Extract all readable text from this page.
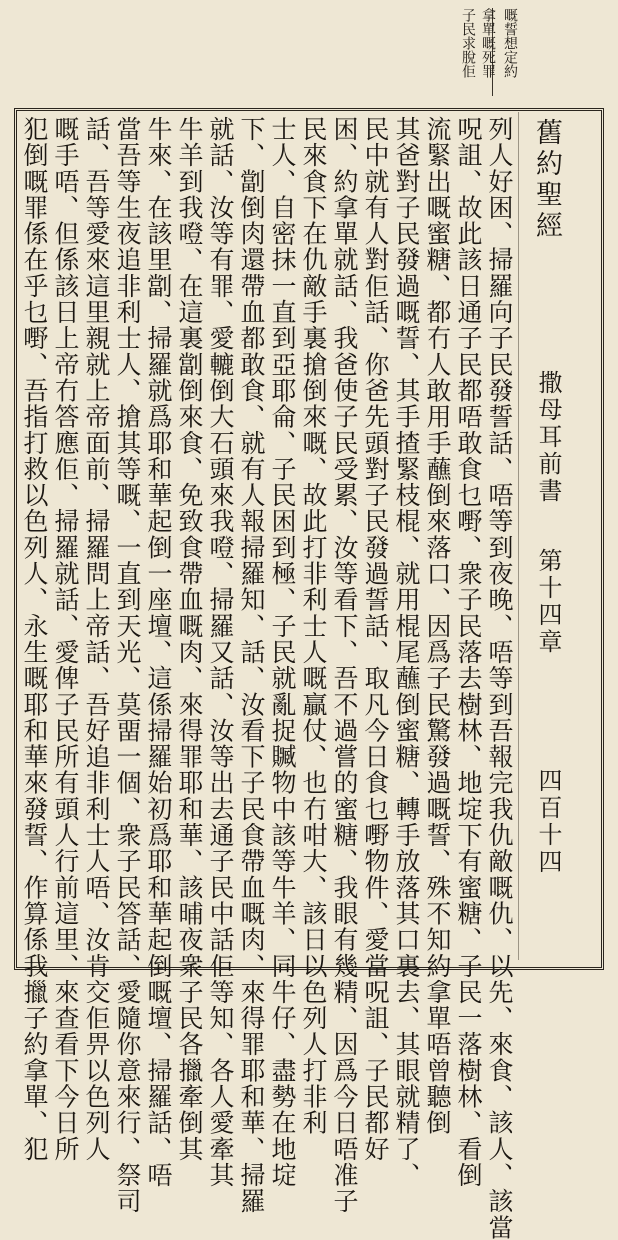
嘅誓想定約
拿單嘅死罪
子民求脫佢
舊約聖經
撒母耳前書
第十四章
四百十四
列人好困、掃羅向子民發誓話、唔等到夜晚、唔等到吾報完我仇敵嘅仇、以先、來食、該人、該當
呪詛、故此該日通子民都唔敢食乜嘢、衆子民落去樹林、地埞下有蜜糖、子民一落樹林、看倒
流緊出嘅蜜糖、都冇人敢用手蘸倒來落口、因爲子民驚發過嘅誓、殊不知約拿單唔曾聽倒
其爸對子民發過嘅誓、其手揸緊枝棍、就用棍尾蘸倒蜜糖、轉手放落其口裏去、其眼就精了、
民中就有人對佢話、你爸先頭對子民發過誓話、取凡今日食乜嘢物件、愛當呪詛、子民都好
困、約拿單就話、我爸使子民受累、汝等看下、吾不過嘗的蜜糖、我眼有幾精、因爲今日唔准子
民來食下在仇敵手裏搶倒來嘅、故此打非利士人嘅贏仗、也冇咁大、該日以色列人打非利
士人、自密抹一直到亞耶侖、子民困到極、子民就亂捉贓物中該等牛羊、同牛仔、盡勢在地埞
下、劏倒肉還帶血都敢食、就有人報掃羅知、話、汝看下子民食帶血嘅肉、來得罪耶和華、掃羅
就話、汝等有罪、愛轆倒大石頭來我噔、掃羅又話、汝等出去通子民中話佢等知、各人愛牽其
牛羊到我噔、在這裏劏倒來食、免致食帶血嘅肉、來得罪耶和華、該晡夜衆子民各擸牽倒其
牛來、在該里劏、掃羅就爲耶和華起倒一座壇、這係掃羅始初爲耶和華起倒嘅壇、掃羅話、唔
當吾等生夜追非利士人、搶其等嘅、一直到天光、莫畱一個、衆子民答話、愛隨你意來行、祭司
話、吾等愛來這里親就上帝面前、掃羅問上帝話、吾好追非利士人唔、汝肯交佢畀以色列人
嘅手唔、但係該日上帝冇答應佢、掃羅就話、愛俾子民所有頭人行前這里、來查看下今日所
犯倒嘅罪係在乎乜嘢、吾指打救以色列人、永生嘅耶和華來發誓、作算係我擸子約拿單、犯
